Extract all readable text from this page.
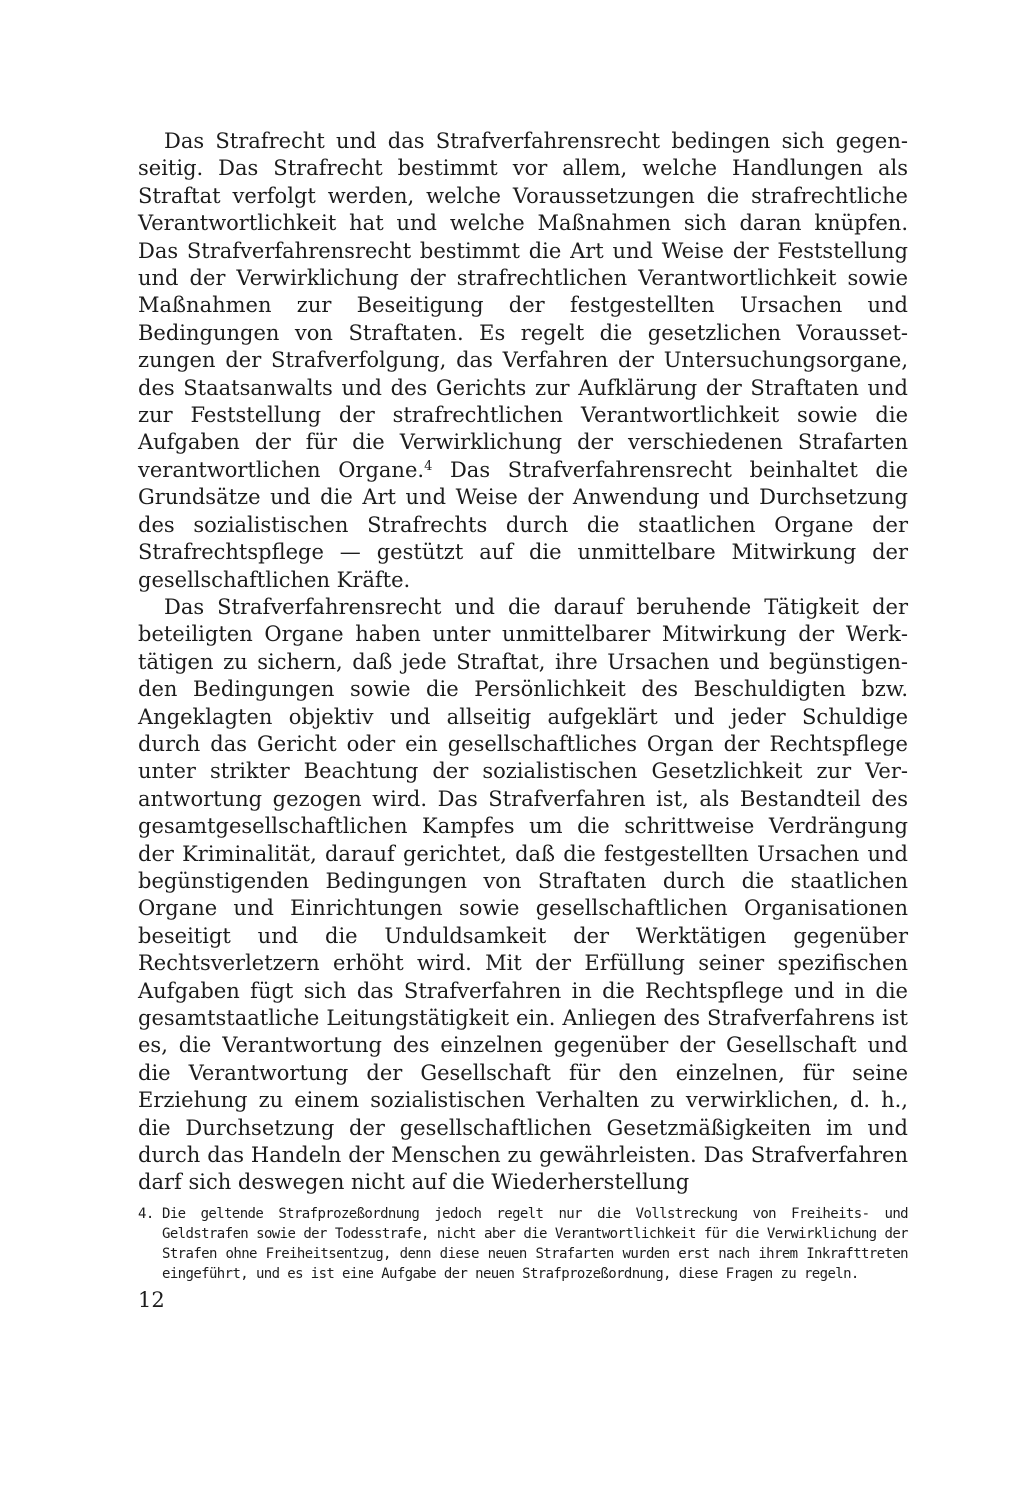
Das Strafrecht und das Strafverfahrensrecht bedingen sich gegenseitig. Das Strafrecht bestimmt vor allem, welche Handlungen als Straftat verfolgt werden, welche Voraussetzungen die strafrechtliche Verantwortlichkeit hat und welche Maßnahmen sich daran knüpfen. Das Strafverfahrensrecht bestimmt die Art und Weise der Feststellung und der Verwirklichung der strafrechtlichen Verantwortlichkeit sowie Maßnahmen zur Beseitigung der festgestellten Ursachen und Bedingungen von Straftaten. Es regelt die gesetzlichen Voraussetzungen der Strafverfolgung, das Verfahren der Untersuchungsorgane, des Staatsanwalts und des Gerichts zur Aufklärung der Straftaten und zur Feststellung der strafrechtlichen Verantwortlichkeit sowie die Aufgaben der für die Verwirklichung der verschiedenen Strafarten verantwortlichen Organe.$^4$ Das Strafverfahrensrecht beinhaltet die Grundsätze und die Art und Weise der Anwendung und Durchsetzung des sozialistischen Strafrechts durch die staatlichen Organe der Strafrechtspflege — gestützt auf die unmittelbare Mitwirkung der gesellschaftlichen Kräfte.

Das Strafverfahrensrecht und die darauf beruhende Tätigkeit der beteiligten Organe haben unter unmittelbarer Mitwirkung der Werktätigen zu sichern, daß jede Straftat, ihre Ursachen und begünstigenden Bedingungen sowie die Persönlichkeit des Beschuldigten bzw. Angeklagten objektiv und allseitig aufgeklärt und jeder Schuldige durch das Gericht oder ein gesellschaftliches Organ der Rechtspflege unter strikter Beachtung der sozialistischen Gesetzlichkeit zur Verantwortung gezogen wird. Das Strafverfahren ist, als Bestandteil des gesamtgesellschaftlichen Kampfes um die schrittweise Verdrängung der Kriminalität, darauf gerichtet, daß die festgestellten Ursachen und begünstigenden Bedingungen von Straftaten durch die staatlichen Organe und Einrichtungen sowie gesellschaftlichen Organisationen beseitigt und die Unduldsamkeit der Werktätigen gegenüber Rechtsverletzern erhöht wird. Mit der Erfüllung seiner spezifischen Aufgaben fügt sich das Strafverfahren in die Rechtspflege und in die gesamtstaatliche Leitungstätigkeit ein. Anliegen des Strafverfahrens ist es, die Verantwortung des einzelnen gegenüber der Gesellschaft und die Verantwortung der Gesellschaft für den einzelnen, für seine Erziehung zu einem sozialistischen Verhalten zu verwirklichen, d. h., die Durchsetzung der gesellschaftlichen Gesetzmäßigkeiten im und durch das Handeln der Menschen zu gewährleisten. Das Strafverfahren darf sich deswegen nicht auf die Wiederherstellung

4. Die geltende Strafprozeßordnung jedoch regelt nur die Vollstreckung von Freiheits- und Geldstrafen sowie der Todesstrafe, nicht aber die Verantwortlichkeit für die Verwirklichung der Strafen ohne Freiheitsentzug, denn diese neuen Strafarten wurden erst nach ihrem Inkrafttreten eingeführt, und es ist eine Aufgabe der neuen Strafprozeßordnung, diese Fragen zu regeln.
12
